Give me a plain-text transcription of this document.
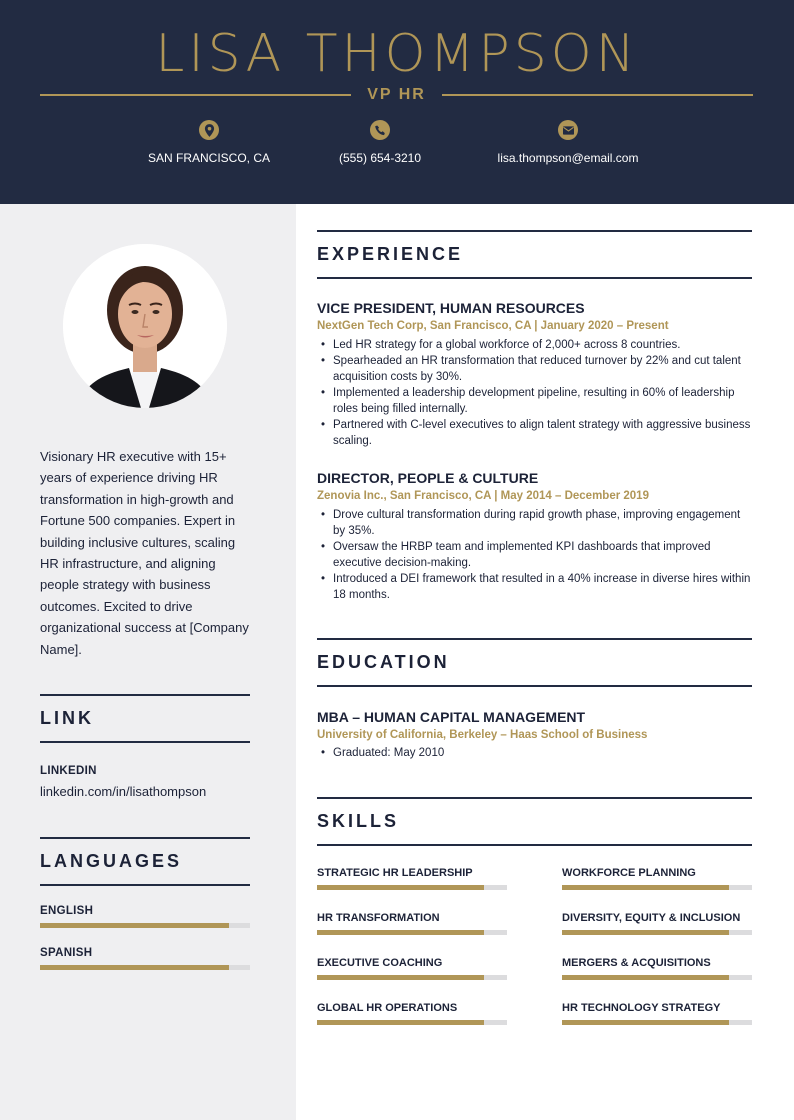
LISA THOMPSON
VP HR
SAN FRANCISCO, CA	(555) 654-3210	lisa.thompson@email.com
Visionary HR executive with 15+ years of experience driving HR transformation in high-growth and Fortune 500 companies. Expert in building inclusive cultures, scaling HR infrastructure, and aligning people strategy with business outcomes. Excited to drive organizational success at [Company Name].
LINK
LINKEDIN
linkedin.com/in/lisathompson
LANGUAGES
ENGLISH
SPANISH
EXPERIENCE
VICE PRESIDENT, HUMAN RESOURCES
NextGen Tech Corp, San Francisco, CA | January 2020 – Present
• Led HR strategy for a global workforce of 2,000+ across 8 countries.
• Spearheaded an HR transformation that reduced turnover by 22% and cut talent acquisition costs by 30%.
• Implemented a leadership development pipeline, resulting in 60% of leadership roles being filled internally.
• Partnered with C-level executives to align talent strategy with aggressive business scaling.
DIRECTOR, PEOPLE & CULTURE
Zenovia Inc., San Francisco, CA | May 2014 – December 2019
• Drove cultural transformation during rapid growth phase, improving engagement by 35%.
• Oversaw the HRBP team and implemented KPI dashboards that improved executive decision-making.
• Introduced a DEI framework that resulted in a 40% increase in diverse hires within 18 months.
EDUCATION
MBA – HUMAN CAPITAL MANAGEMENT
University of California, Berkeley – Haas School of Business
• Graduated: May 2010
SKILLS
STRATEGIC HR LEADERSHIP	WORKFORCE PLANNING
HR TRANSFORMATION	DIVERSITY, EQUITY & INCLUSION
EXECUTIVE COACHING	MERGERS & ACQUISITIONS
GLOBAL HR OPERATIONS	HR TECHNOLOGY STRATEGY
